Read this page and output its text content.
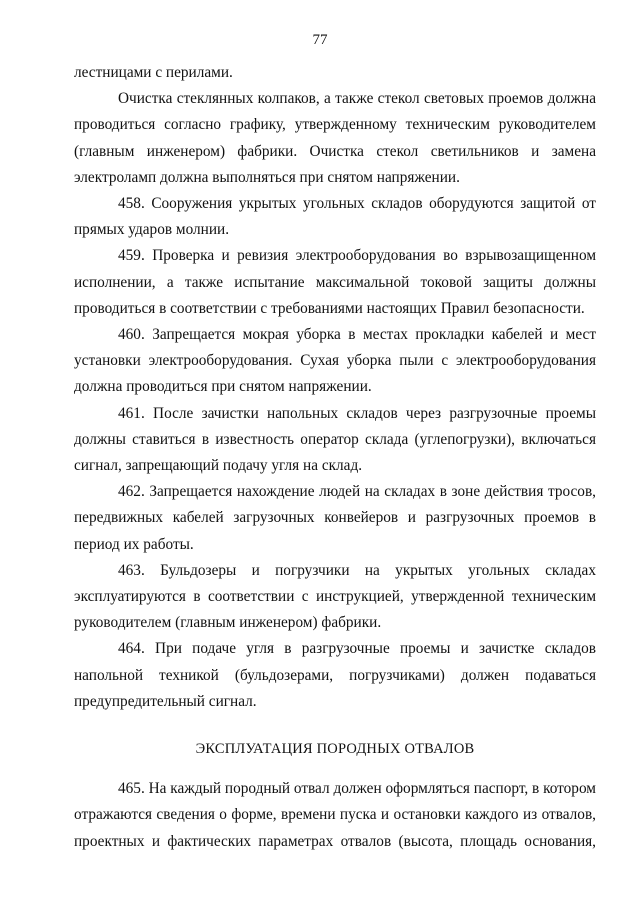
77

лестницами с перилами.

Очистка стеклянных колпаков, а также стекол световых проемов должна
проводиться согласно графику, утвержденному техническим руководителем
(главным инженером) фабрики. Очистка стекол светильников и замена
электроламп должна выполняться при снятом напряжении.

458. Сооружения укрытых угольных складов оборудуются защитой от
прямых ударов молнии.

459. Проверка и ревизия электрооборудования во взрывозащищенном
исполнении, а также испытание максимальной токовой защиты должны
проводиться в соответствии с требованиями настоящих Правил безопасности.

460. Запрещается мокрая уборка в местах прокладки кабелей и мест
установки электрооборудования. Сухая уборка пыли с электрооборудования
должна проводиться при снятом напряжении.

461. После зачистки напольных складов через разгрузочные проемы
должны ставиться в известность оператор склада (углепогрузки), включаться
сигнал, запрещающий подачу угля на склад.

462. Запрещается нахождение людей на складах в зоне действия тросов,
передвижных кабелей загрузочных конвейеров и разгрузочных проемов в
период их работы.

463. Бульдозеры и погрузчики на укрытых угольных складах
эксплуатируются в соответствии с инструкцией, утвержденной техническим
руководителем (главным инженером) фабрики.

464. При подаче угля в разгрузочные проемы и зачистке складов
напольной техникой (бульдозерами, погрузчиками) должен подаваться
предупредительный сигнал.

ЭКСПЛУАТАЦИЯ ПОРОДНЫХ ОТВАЛОВ

465. На каждый породный отвал должен оформляться паспорт, в котором
отражаются сведения о форме, времени пуска и остановки каждого из отвалов,
проектных и фактических параметрах отвалов (высота, площадь основания,
